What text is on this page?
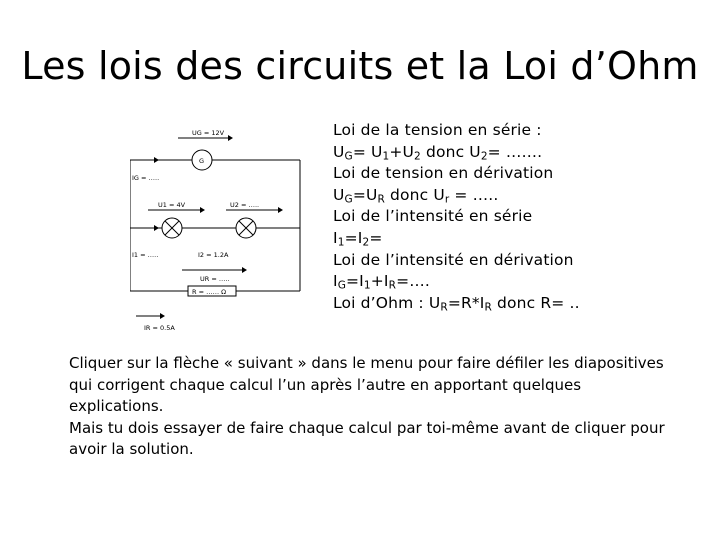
Les lois des circuits et la Loi d’Ohm
UG = 12V
G
IG = …..
U1 = 4V	U2 = …..
I1 = …..	I2 = 1.2A
UR = …..
R = …… Ω
IR = 0.5A
Loi de la tension en série :
$U_G= U_1+U_2$ donc $U_2=$ …….
Loi de tension en dérivation
$U_G=U_R$ donc $U_r$ = …..
Loi de l’intensité en série
$I_1=I_2=$
Loi de l’intensité en dérivation
$I_G=I_1+I_R=\dots$.
Loi d’Ohm : $U_R=R*I_R$ donc R= ..
Cliquer sur la flèche « suivant » dans le menu pour faire défiler les diapositives
qui corrigent chaque calcul l’un après l’autre en apportant quelques
explications.
Mais tu dois essayer de faire chaque calcul par toi-même avant de cliquer pour
avoir la solution.
